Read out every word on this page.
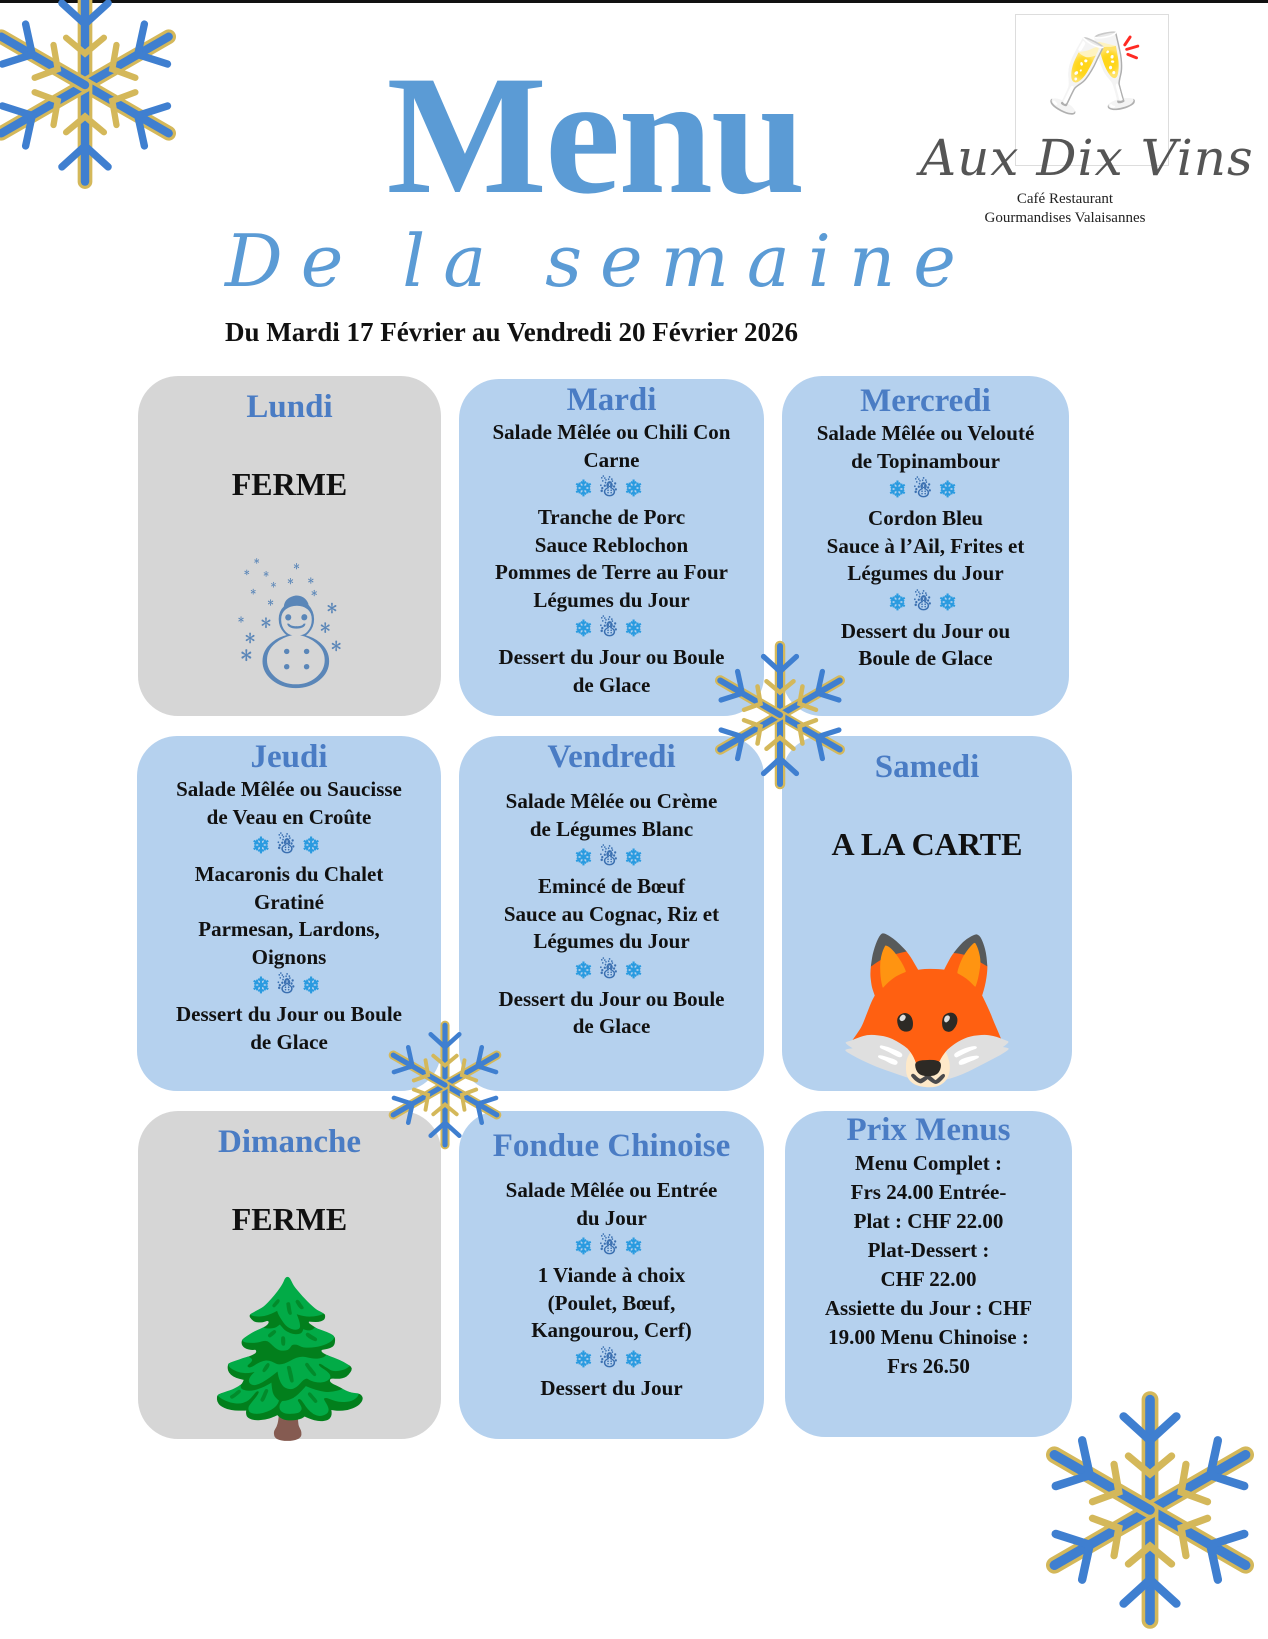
Menu
De la semaine
Du Mardi 17 Février au Vendredi 20 Février 2026
🥂
Aux Dix Vins
Café Restaurant
Gourmandises Valaisannes
Lundi
FERME
☃
Mardi
Salade Mêlée ou Chili Con
Carne
❄☃❄
Tranche de Porc
Sauce Reblochon
Pommes de Terre au Four
Légumes du Jour
❄☃❄
Dessert du Jour ou Boule
de Glace
Mercredi
Salade Mêlée ou Velouté
de Topinambour
❄☃❄
Cordon Bleu
Sauce à l’Ail, Frites et
Légumes du Jour
❄☃❄
Dessert du Jour ou
Boule de Glace
Jeudi
Salade Mêlée ou Saucisse
de Veau en Croûte
❄☃❄
Macaronis du Chalet
Gratiné
Parmesan, Lardons,
Oignons
❄☃❄
Dessert du Jour ou Boule
de Glace
Vendredi
Salade Mêlée ou Crème
de Légumes Blanc
❄☃❄
Emincé de Bœuf
Sauce au Cognac, Riz et
Légumes du Jour
❄☃❄
Dessert du Jour ou Boule
de Glace
Samedi
A LA CARTE
🦊
Dimanche
FERME
🌲
Fondue Chinoise
Salade Mêlée ou Entrée
du Jour
❄☃❄
1 Viande à choix
(Poulet, Bœuf,
Kangourou, Cerf)
❄☃❄
Dessert du Jour
Prix Menus
Menu Complet :
Frs 24.00 Entrée-
Plat : CHF 22.00
Plat-Dessert :
CHF 22.00
Assiette du Jour : CHF
19.00 Menu Chinoise :
Frs 26.50
